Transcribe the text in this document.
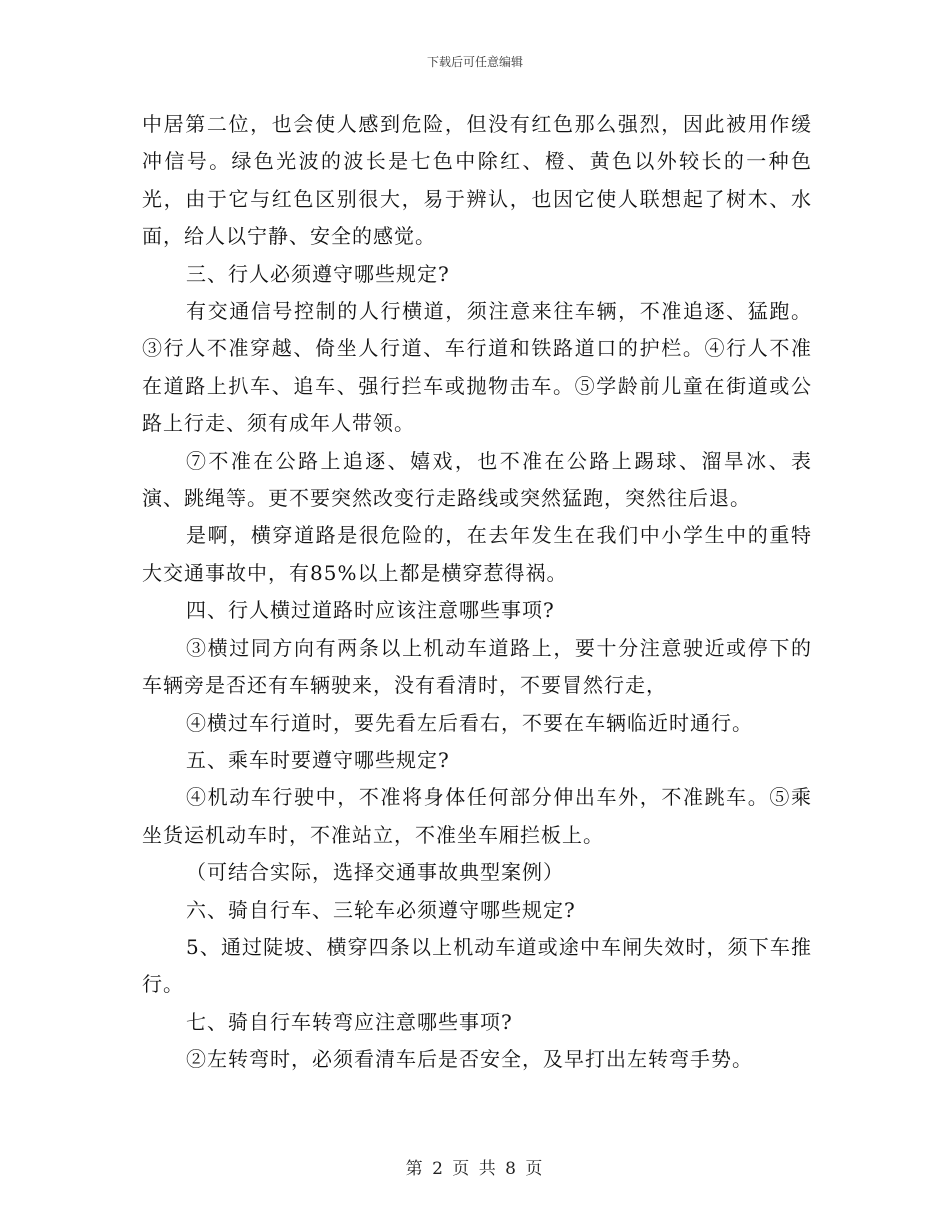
下载后可任意编辑

中居第二位，也会使人感到危险，但没有红色那么强烈，因此被用作缓冲信号。绿色光波的波长是七色中除红、橙、黄色以外较长的一种色光，由于它与红色区别很大，易于辨认，也因它使人联想起了树木、水面，给人以宁静、安全的感觉。

三、行人必须遵守哪些规定?

有交通信号控制的人行横道，须注意来往车辆，不准追逐、猛跑。③行人不准穿越、倚坐人行道、车行道和铁路道口的护栏。④行人不准在道路上扒车、追车、强行拦车或抛物击车。⑤学龄前儿童在街道或公路上行走、须有成年人带领。

⑦不准在公路上追逐、嬉戏，也不准在公路上踢球、溜旱冰、表演、跳绳等。更不要突然改变行走路线或突然猛跑，突然往后退。

是啊，横穿道路是很危险的，在去年发生在我们中小学生中的重特大交通事故中，有85%以上都是横穿惹得祸。

四、行人横过道路时应该注意哪些事项?

③横过同方向有两条以上机动车道路上，要十分注意驶近或停下的车辆旁是否还有车辆驶来，没有看清时，不要冒然行走，

④横过车行道时，要先看左后看右，不要在车辆临近时通行。

五、乘车时要遵守哪些规定?

④机动车行驶中，不准将身体任何部分伸出车外，不准跳车。⑤乘坐货运机动车时，不准站立，不准坐车厢拦板上。

（可结合实际，选择交通事故典型案例）

六、骑自行车、三轮车必须遵守哪些规定?

5、通过陡坡、横穿四条以上机动车道或途中车闸失效时，须下车推行。

七、骑自行车转弯应注意哪些事项?

②左转弯时，必须看清车后是否安全，及早打出左转弯手势。

第 2 页 共 8 页
